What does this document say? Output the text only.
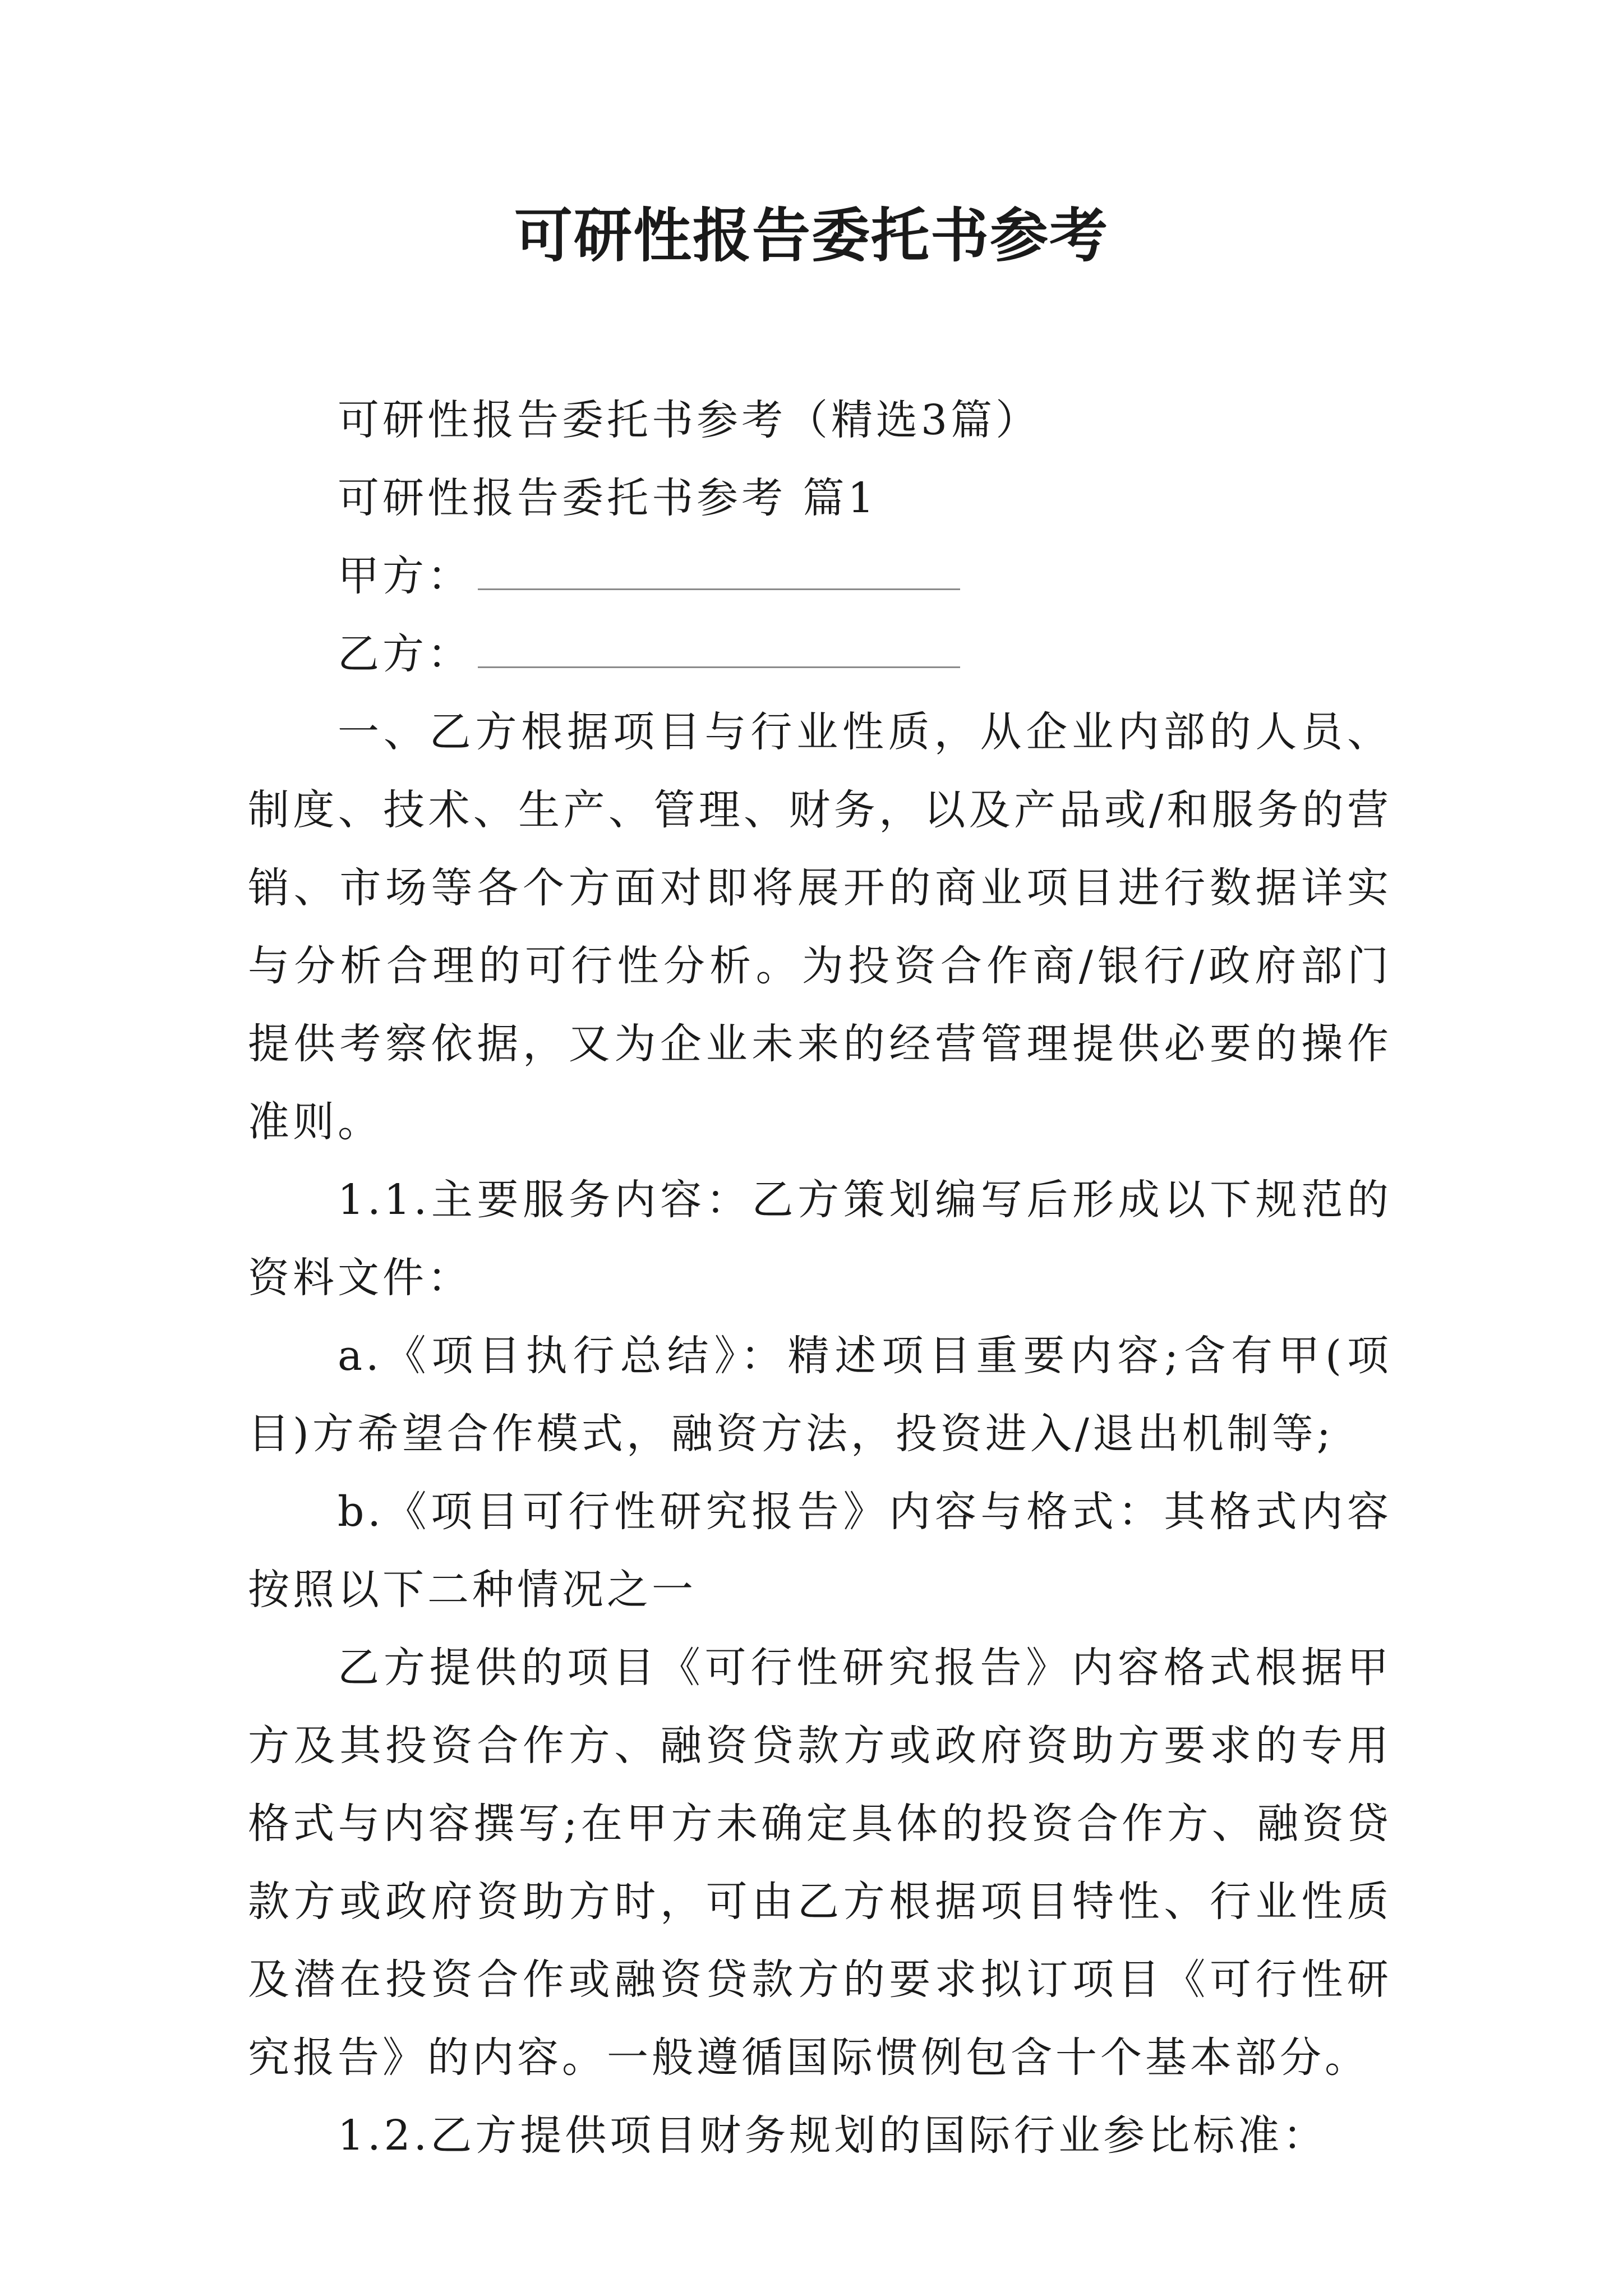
可研性报告委托书参考

可研性报告委托书参考（精选3篇）

可研性报告委托书参考 篇1

甲方：

乙方：

一、乙方根据项目与行业性质，从企业内部的人员、制度、技术、生产、管理、财务，以及产品或/和服务的营销、市场等各个方面对即将展开的商业项目进行数据详实与分析合理的可行性分析。为投资合作商/银行/政府部门提供考察依据，又为企业未来的经营管理提供必要的操作准则。

1.1.主要服务内容：乙方策划编写后形成以下规范的资料文件：

a.《项目执行总结》：精述项目重要内容;含有甲(项目)方希望合作模式，融资方法，投资进入/退出机制等;

b.《项目可行性研究报告》内容与格式：其格式内容按照以下二种情况之一

乙方提供的项目《可行性研究报告》内容格式根据甲方及其投资合作方、融资贷款方或政府资助方要求的专用格式与内容撰写;在甲方未确定具体的投资合作方、融资贷款方或政府资助方时，可由乙方根据项目特性、行业性质及潜在投资合作或融资贷款方的要求拟订项目《可行性研究报告》的内容。一般遵循国际惯例包含十个基本部分。

1.2.乙方提供项目财务规划的国际行业参比标准：
